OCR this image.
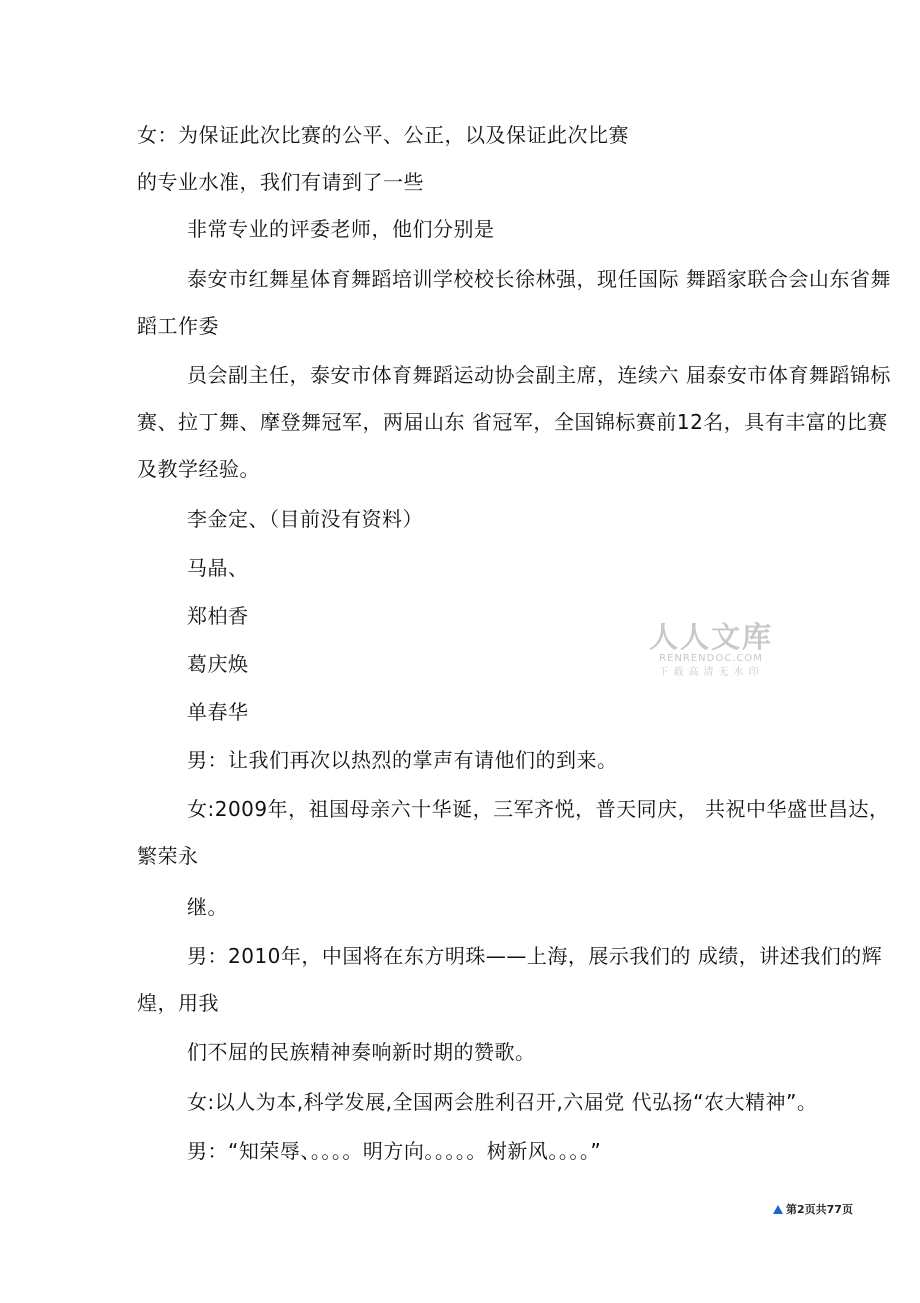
女：为保证此次比赛的公平、公正，以及保证此次比赛

的专业水准，我们有请到了一些

非常专业的评委老师，他们分别是

泰安市红舞星体育舞蹈培训学校校长徐林强，现任国际 舞蹈家联合会山东省舞蹈工作委

员会副主任，泰安市体育舞蹈运动协会副主席，连续六 届泰安市体育舞蹈锦标赛、拉丁舞、摩登舞冠军，两届山东 省冠军，全国锦标赛前12名，具有丰富的比赛及教学经验。

李金定、（目前没有资料）

马晶、

郑柏香

葛庆焕

单春华

男：让我们再次以热烈的掌声有请他们的到来。

女:2009年，祖国母亲六十华诞，三军齐悦，普天同庆， 共祝中华盛世昌达，繁荣永

继。

男：2010年，中国将在东方明珠——上海，展示我们的 成绩，讲述我们的辉煌，用我

们不屈的民族精神奏响新时期的赞歌。

女:以人为本,科学发展,全国两会胜利召开,六届党 代弘扬“农大精神”。

男：“知荣辱、。。。。明方向。。。。。树新风。。。。”

人人文库
RENRENDOC.COM
下载高清无水印
第2页共77页
